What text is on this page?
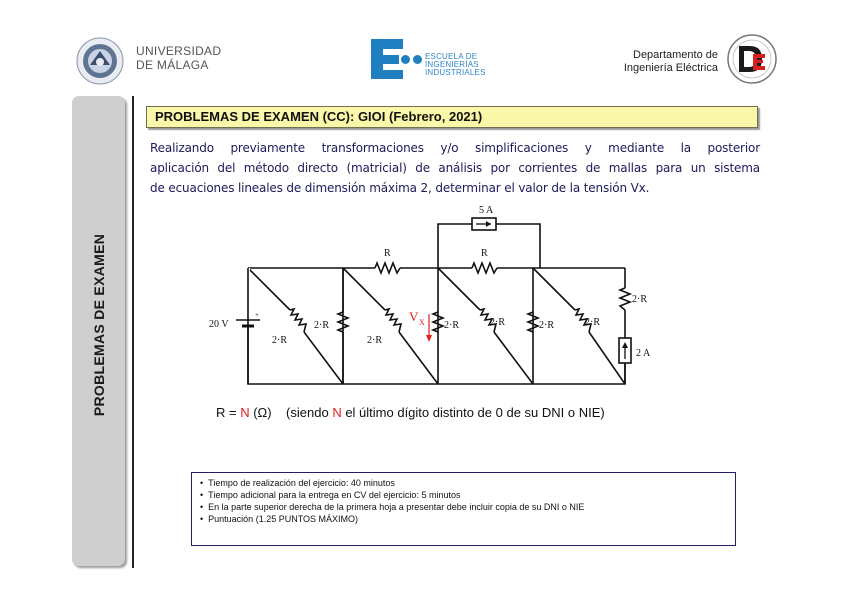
UNIVERSIDAD
DE MÁLAGA
ESCUELA DE
INGENIERÍAS
INDUSTRIALES
Departamento de
Ingeniería Eléctrica
PROBLEMAS DE EXAMEN
PROBLEMAS DE EXAMEN (CC): GIOI (Febrero, 2021)
Realizando previamente transformaciones y/o simplificaciones y mediante la posterior
aplicación del método directo (matricial) de análisis por corrientes de mallas para un sistema
de ecuaciones lineales de dimensión máxima 2, determinar el valor de la tensión Vx.
5 A
R	R
20 V
+
2·R	2·R
2·R	2·R
2·R	2·R	2·R
2·R
V X
2 A
R = N (Ω)    (siendo N el último dígito distinto de 0 de su DNI o NIE)
•  Tiempo de realización del ejercicio: 40 minutos
•  Tiempo adicional para la entrega en CV del ejercicio: 5 minutos
•  En la parte superior derecha de la primera hoja a presentar debe incluir copia de su DNI o NIE
•  Puntuación (1.25 PUNTOS MÁXIMO)
